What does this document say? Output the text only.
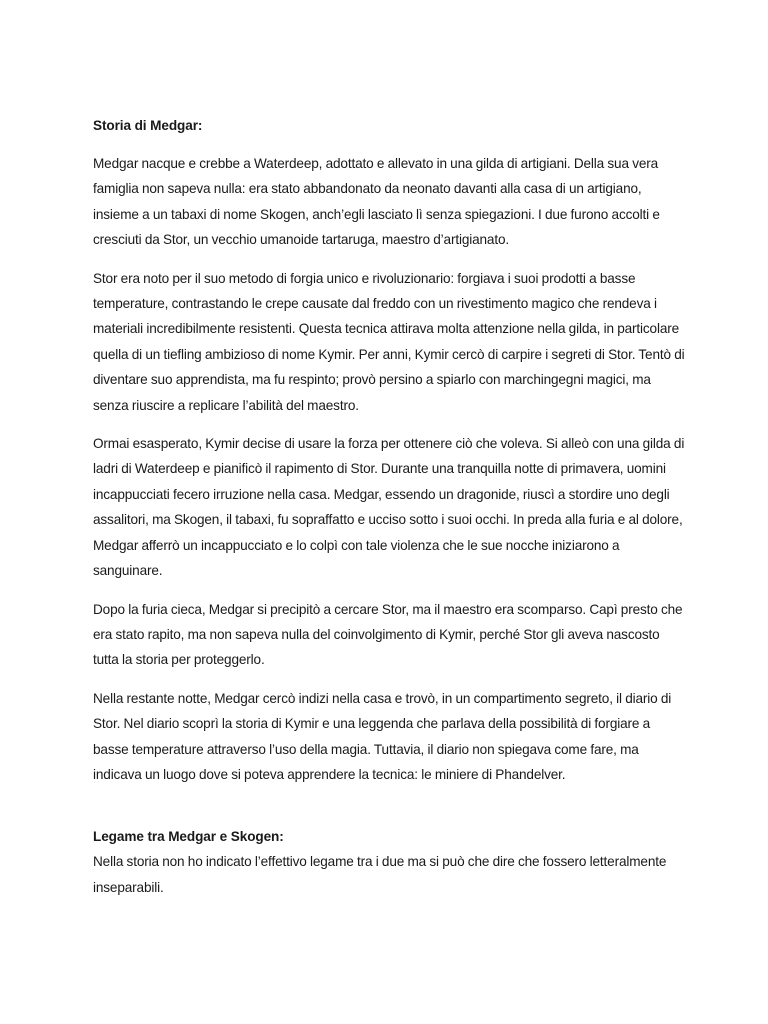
Storia di Medgar:

Medgar nacque e crebbe a Waterdeep, adottato e allevato in una gilda di artigiani. Della sua vera famiglia non sapeva nulla: era stato abbandonato da neonato davanti alla casa di un artigiano, insieme a un tabaxi di nome Skogen, anch’egli lasciato lì senza spiegazioni. I due furono accolti e cresciuti da Stor, un vecchio umanoide tartaruga, maestro d’artigianato.

Stor era noto per il suo metodo di forgia unico e rivoluzionario: forgiava i suoi prodotti a basse temperature, contrastando le crepe causate dal freddo con un rivestimento magico che rendeva i materiali incredibilmente resistenti. Questa tecnica attirava molta attenzione nella gilda, in particolare quella di un tiefling ambizioso di nome Kymir. Per anni, Kymir cercò di carpire i segreti di Stor. Tentò di diventare suo apprendista, ma fu respinto; provò persino a spiarlo con marchingegni magici, ma senza riuscire a replicare l’abilità del maestro.

Ormai esasperato, Kymir decise di usare la forza per ottenere ciò che voleva. Si alleò con una gilda di ladri di Waterdeep e pianificò il rapimento di Stor. Durante una tranquilla notte di primavera, uomini incappucciati fecero irruzione nella casa. Medgar, essendo un dragonide, riuscì a stordire uno degli assalitori, ma Skogen, il tabaxi, fu sopraffatto e ucciso sotto i suoi occhi. In preda alla furia e al dolore, Medgar afferrò un incappucciato e lo colpì con tale violenza che le sue nocche iniziarono a sanguinare.

Dopo la furia cieca, Medgar si precipitò a cercare Stor, ma il maestro era scomparso. Capì presto che era stato rapito, ma non sapeva nulla del coinvolgimento di Kymir, perché Stor gli aveva nascosto tutta la storia per proteggerlo.

Nella restante notte, Medgar cercò indizi nella casa e trovò, in un compartimento segreto, il diario di Stor. Nel diario scoprì la storia di Kymir e una leggenda che parlava della possibilità di forgiare a basse temperature attraverso l’uso della magia. Tuttavia, il diario non spiegava come fare, ma indicava un luogo dove si poteva apprendere la tecnica: le miniere di Phandelver.

Legame tra Medgar e Skogen:

Nella storia non ho indicato l’effettivo legame tra i due ma si può che dire che fossero letteralmente inseparabili.
